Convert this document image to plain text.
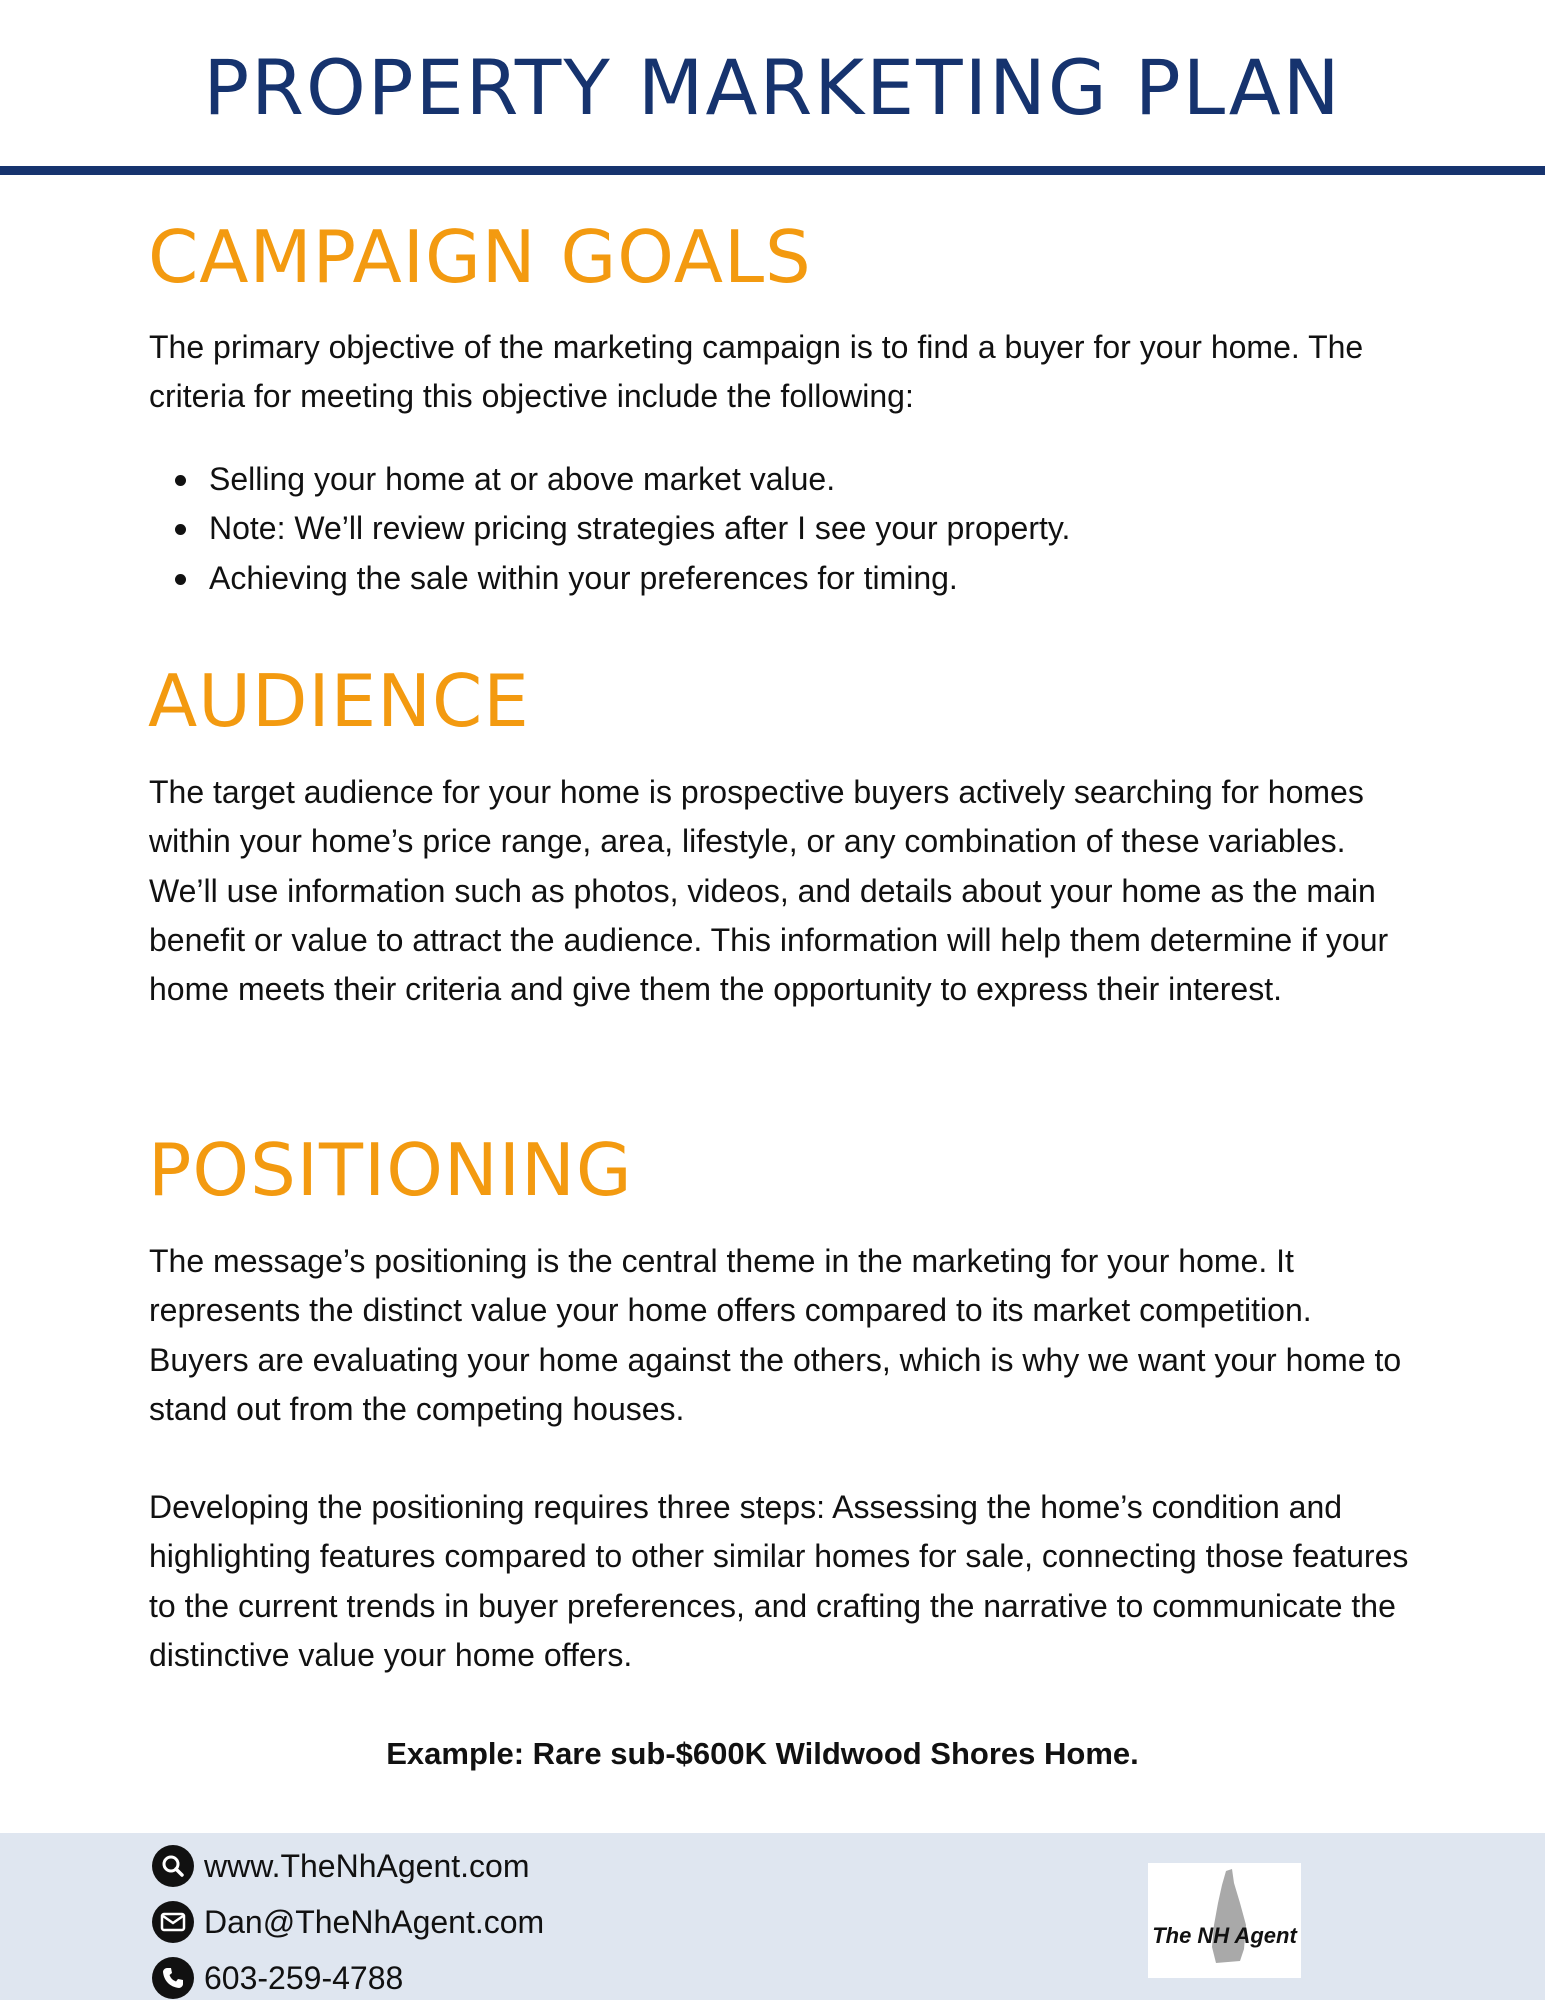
PROPERTY MARKETING PLAN
CAMPAIGN GOALS

The primary objective of the marketing campaign is to find a buyer for your home. The criteria for meeting this objective include the following:

Selling your home at or above market value.
Note: We’ll review pricing strategies after I see your property.
Achieving the sale within your preferences for timing.
AUDIENCE

The target audience for your home is prospective buyers actively searching for homes within your home’s price range, area, lifestyle, or any combination of these variables. We’ll use information such as photos, videos, and details about your home as the main benefit or value to attract the audience. This information will help them determine if your home meets their criteria and give them the opportunity to express their interest.

POSITIONING

The message’s positioning is the central theme in the marketing for your home. It represents the distinct value your home offers compared to its market competition. Buyers are evaluating your home against the others, which is why we want your home to stand out from the competing houses.

Developing the positioning requires three steps: Assessing the home’s condition and highlighting features compared to other similar homes for sale, connecting those features to the current trends in buyer preferences, and crafting the narrative to communicate the distinctive value your home offers.

Example: Rare sub-$600K Wildwood Shores Home.

www.TheNhAgent.com
Dan@TheNhAgent.com
603-259-4788
The NH Agent
